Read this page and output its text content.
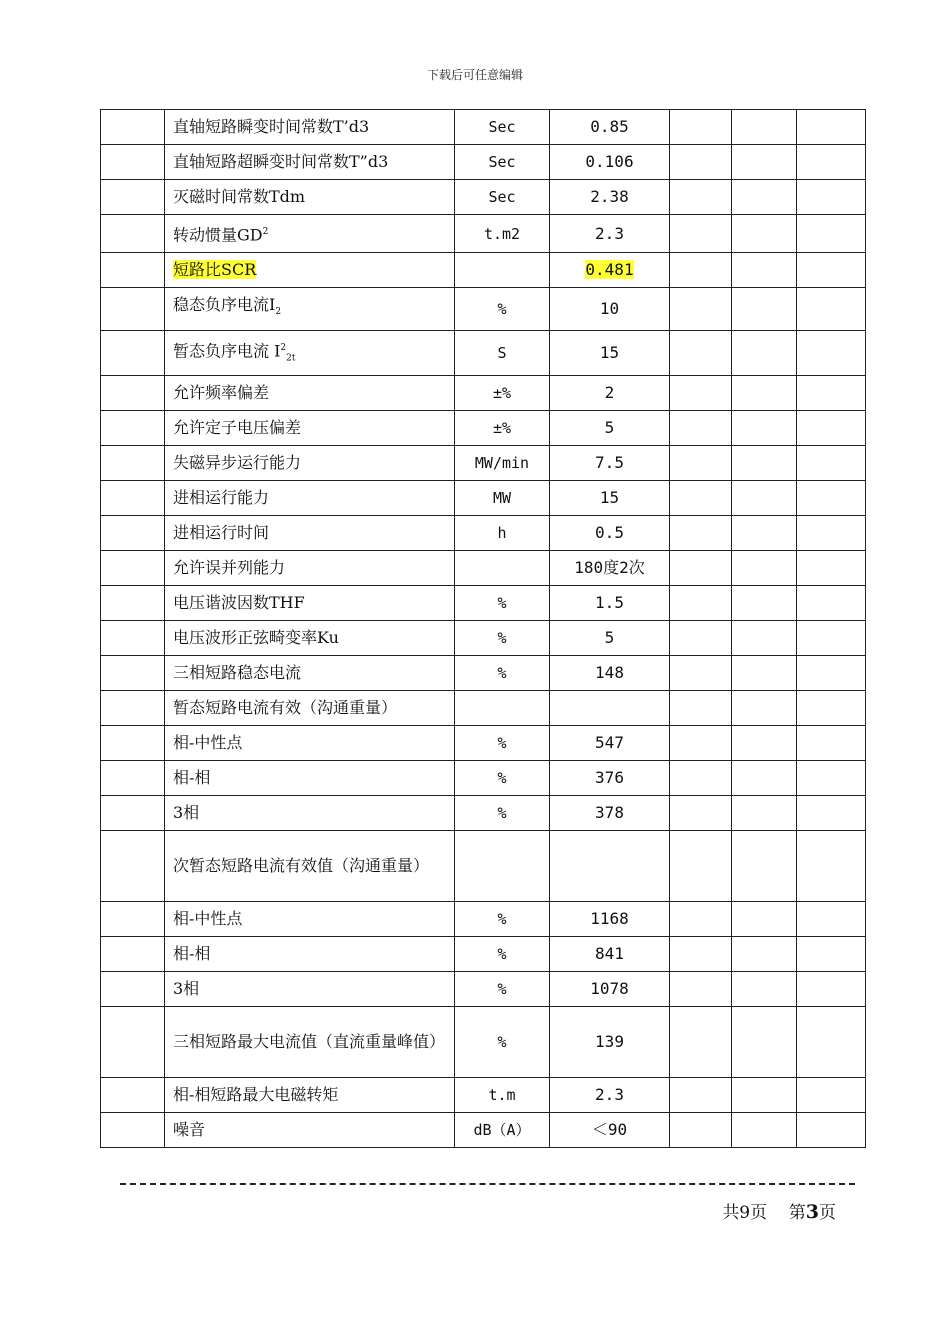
下载后可任意编辑
	直轴短路瞬变时间常数T’d3	Sec	0.85			
	直轴短路超瞬变时间常数T”d3	Sec	0.106			
	灭磁时间常数Tdm	Sec	2.38			
	转动惯量$GD^2$	t.m2	2.3			
	短路比SCR		0.481			
	稳态负序电流$I_2$	%	10			
	暂态负序电流 $I^2_{2t}$	S	15			
	允许频率偏差	±%	2			
	允许定子电压偏差	±%	5			
	失磁异步运行能力	MW/min	7.5			
	进相运行能力	MW	15			
	进相运行时间	h	0.5			
	允许误并列能力		180度2次			
	电压谐波因数THF	%	1.5			
	电压波形正弦畸变率Ku	%	5			
	三相短路稳态电流	%	148			
	暂态短路电流有效（沟通重量）					
	相-中性点	%	547			
	相-相	%	376			
	3相	%	378			
	次暂态短路电流有效值（沟通重量）					
	相-中性点	%	1168			
	相-相	%	841			
	3相	%	1078			
	三相短路最大电流值（直流重量峰值）	%	139			
	相-相短路最大电磁转矩	t.m	2.3			
	噪音	dB（A）	＜90			
共9页 第3页
